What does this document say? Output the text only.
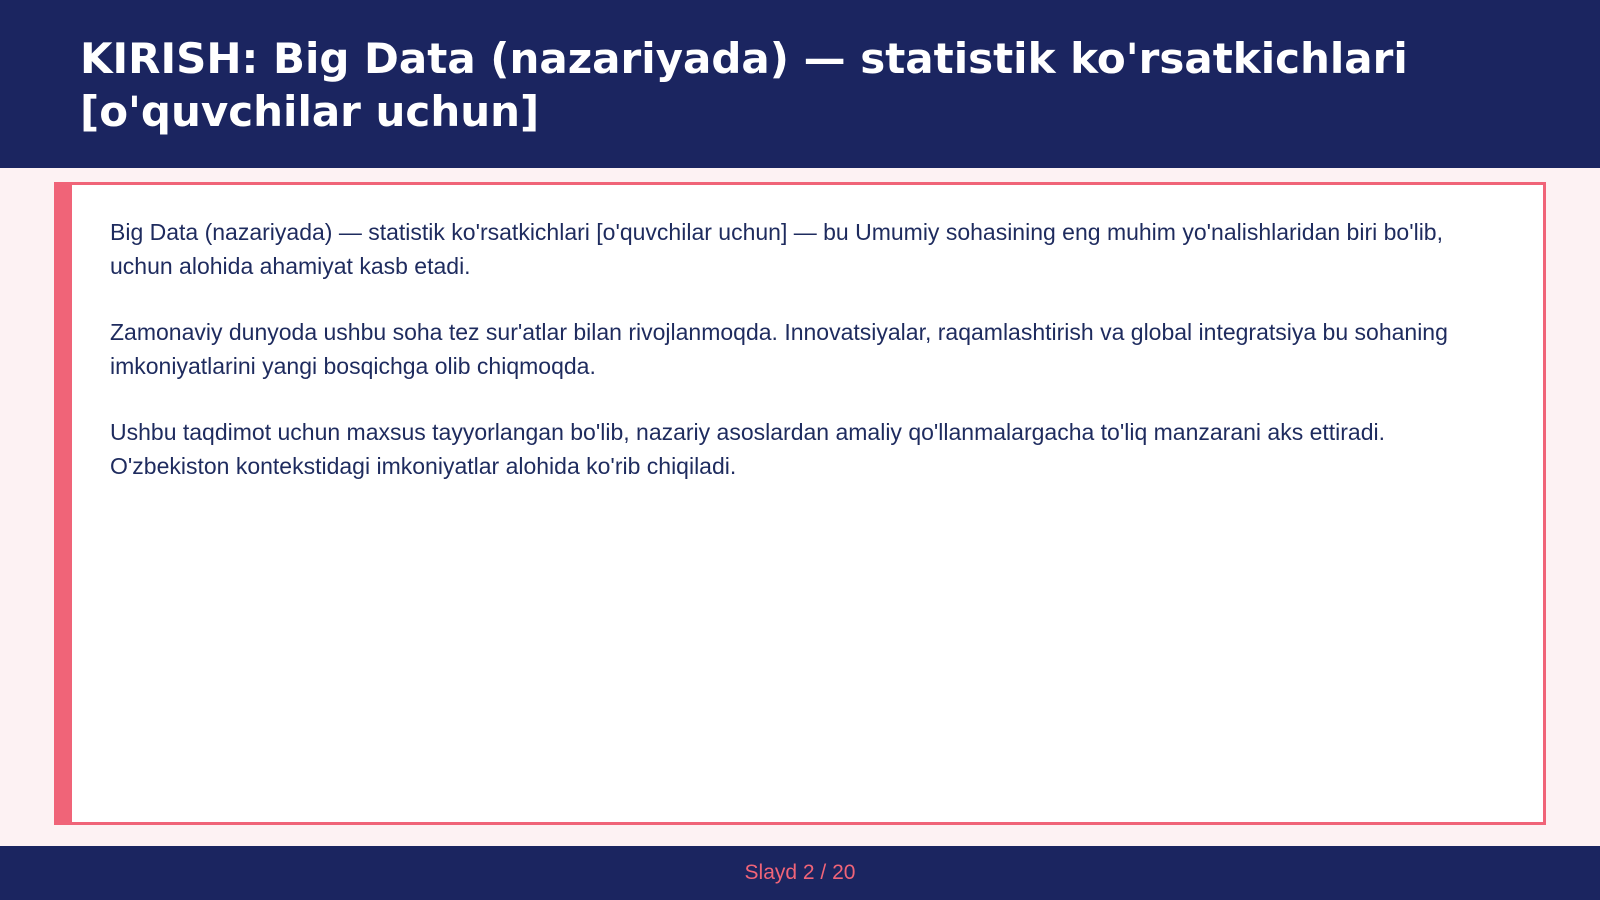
KIRISH: Big Data (nazariyada) — statistik ko'rsatkichlari [o'quvchilar uchun]

Big Data (nazariyada) — statistik ko'rsatkichlari [o'quvchilar uchun] — bu Umumiy sohasining eng muhim yo'nalishlaridan biri bo'lib, uchun alohida ahamiyat kasb etadi.

Zamonaviy dunyoda ushbu soha tez sur'atlar bilan rivojlanmoqda. Innovatsiyalar, raqamlashtirish va global integratsiya bu sohaning imkoniyatlarini yangi bosqichga olib chiqmoqda.

Ushbu taqdimot uchun maxsus tayyorlangan bo'lib, nazariy asoslardan amaliy qo'llanmalargacha to'liq manzarani aks ettiradi. O'zbekiston kontekstidagi imkoniyatlar alohida ko'rib chiqiladi.

Slayd 2 / 20
